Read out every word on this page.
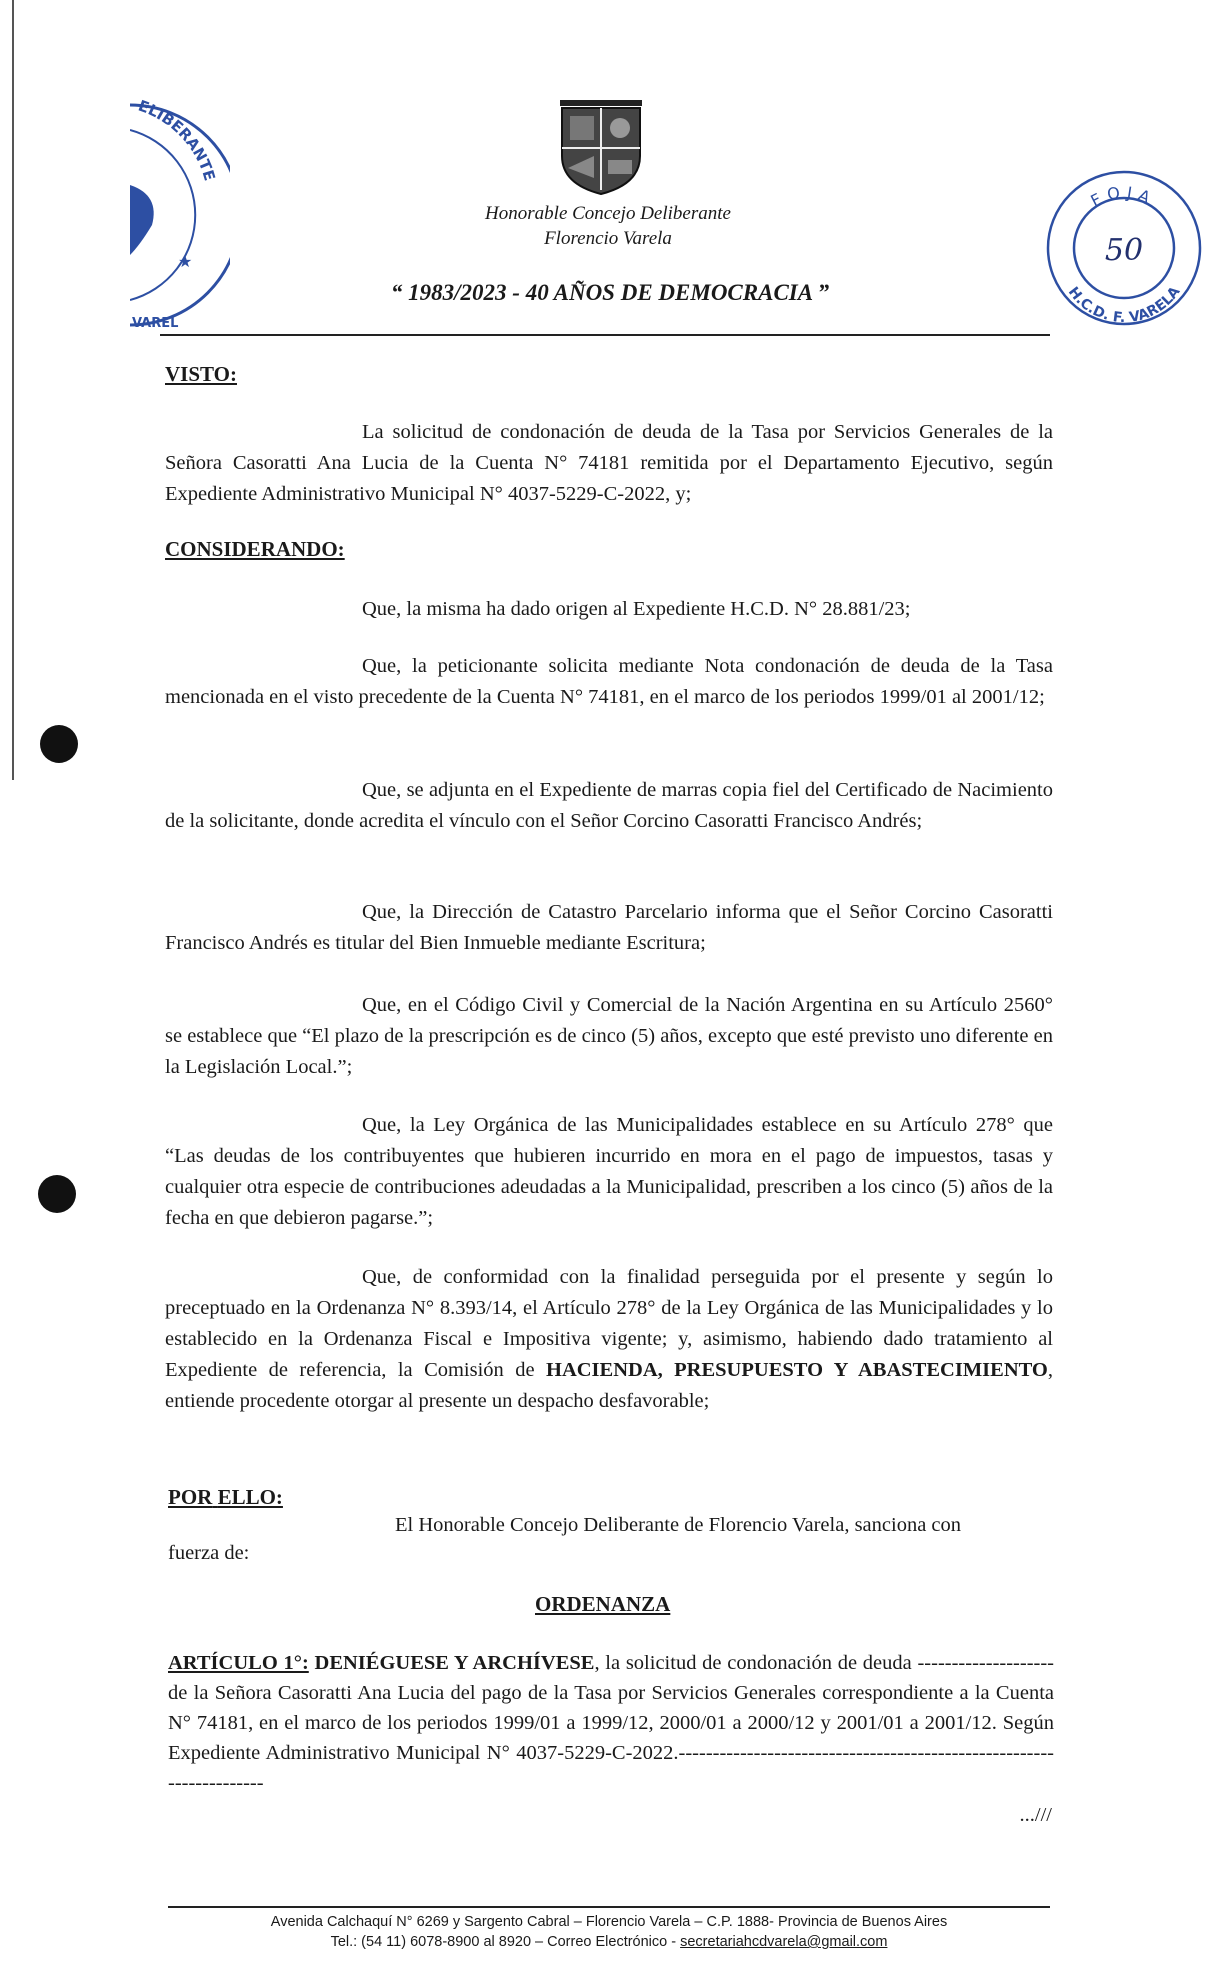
★
ELIBERANTE
VAREL
Honorable Concejo Deliberante
Florencio Varela
“ 1983/2023 - 40 AÑOS DE DEMOCRACIA ”
FOJA
H.C.D. F. VARELA
50
VISTO:
La solicitud de condonación de deuda de la Tasa por Servicios Generales de la Señora Casoratti Ana Lucia de la Cuenta N° 74181 remitida por el Departamento Ejecutivo, según Expediente Administrativo Municipal N° 4037-5229-C-2022, y;
CONSIDERANDO:
Que, la misma ha dado origen al Expediente H.C.D. N° 28.881/23;
Que, la peticionante solicita mediante Nota condonación de deuda de la Tasa mencionada en el visto precedente de la Cuenta N° 74181, en el marco de los periodos 1999/01 al 2001/12;
Que, se adjunta en el Expediente de marras copia fiel del Certificado de Nacimiento de la solicitante, donde acredita el vínculo con el Señor Corcino Casoratti Francisco Andrés;
Que, la Dirección de Catastro Parcelario informa que el Señor Corcino Casoratti Francisco Andrés es titular del Bien Inmueble mediante Escritura;
Que, en el Código Civil y Comercial de la Nación Argentina en su Artículo 2560° se establece que “El plazo de la prescripción es de cinco (5) años, excepto que esté previsto uno diferente en la Legislación Local.”;
Que, la Ley Orgánica de las Municipalidades establece en su Artículo 278° que “Las deudas de los contribuyentes que hubieren incurrido en mora en el pago de impuestos, tasas y cualquier otra especie de contribuciones adeudadas a la Municipalidad, prescriben a los cinco (5) años de la fecha en que debieron pagarse.”;
Que, de conformidad con la finalidad perseguida por el presente y según lo preceptuado en la Ordenanza N° 8.393/14, el Artículo 278° de la Ley Orgánica de las Municipalidades y lo establecido en la Ordenanza Fiscal e Impositiva vigente; y, asimismo, habiendo dado tratamiento al Expediente de referencia, la Comisión de HACIENDA, PRESUPUESTO Y ABASTECIMIENTO, entiende procedente otorgar al presente un despacho desfavorable;
POR ELLO:
El Honorable Concejo Deliberante de Florencio Varela, sanciona con
fuerza de:
ORDENANZA
ARTÍCULO 1°: DENIÉGUESE Y ARCHÍVESE, la solicitud de condonación de deuda -------------------- de la Señora Casoratti Ana Lucia del pago de la Tasa por Servicios Generales correspondiente a la Cuenta N° 74181, en el marco de los periodos 1999/01 a 1999/12, 2000/01 a 2000/12 y 2001/01 a 2001/12. Según Expediente Administrativo Municipal N° 4037-5229-C-2022.---------------------------------------------------------------------
...///
Avenida Calchaquí N° 6269 y Sargento Cabral – Florencio Varela – C.P. 1888- Provincia de Buenos Aires
Tel.: (54 11) 6078-8900 al 8920 – Correo Electrónico - secretariahcdvarela@gmail.com
